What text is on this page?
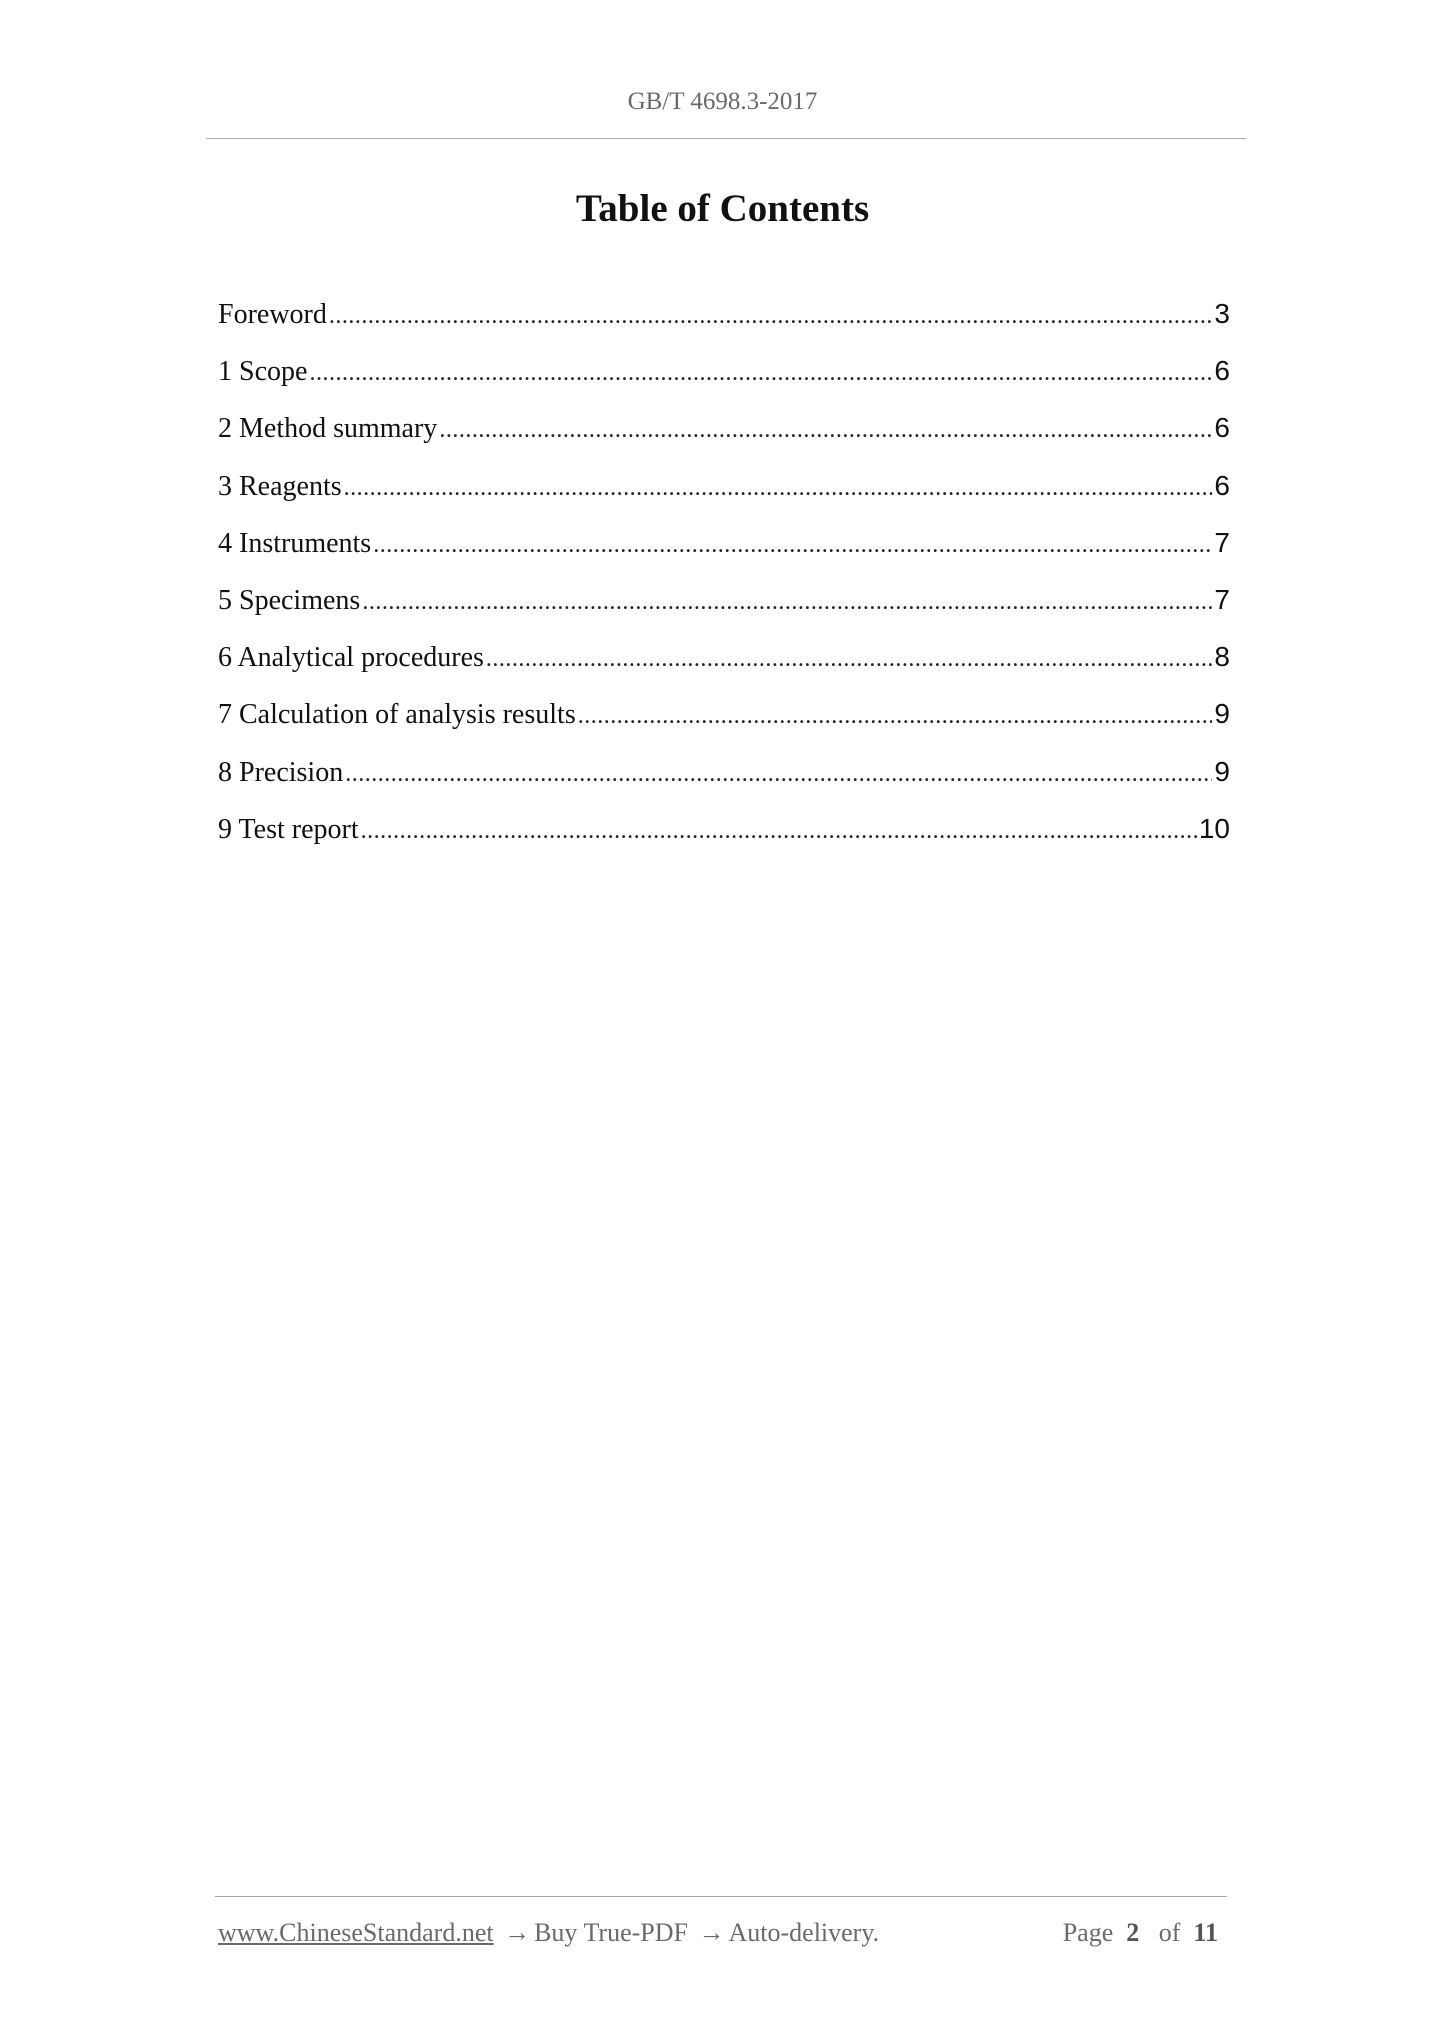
GB/T 4698.3-2017
Table of Contents
Foreword .....	3
1 Scope .....	6
2 Method summary .....	6
3 Reagents .....	6
4 Instruments .....	7
5 Specimens .....	7
6 Analytical procedures .....	8
7 Calculation of analysis results .....	9
8 Precision .....	9
9 Test report .....	10
www.ChineseStandard.net → Buy True-PDF → Auto-delivery.	Page 2 of 11
